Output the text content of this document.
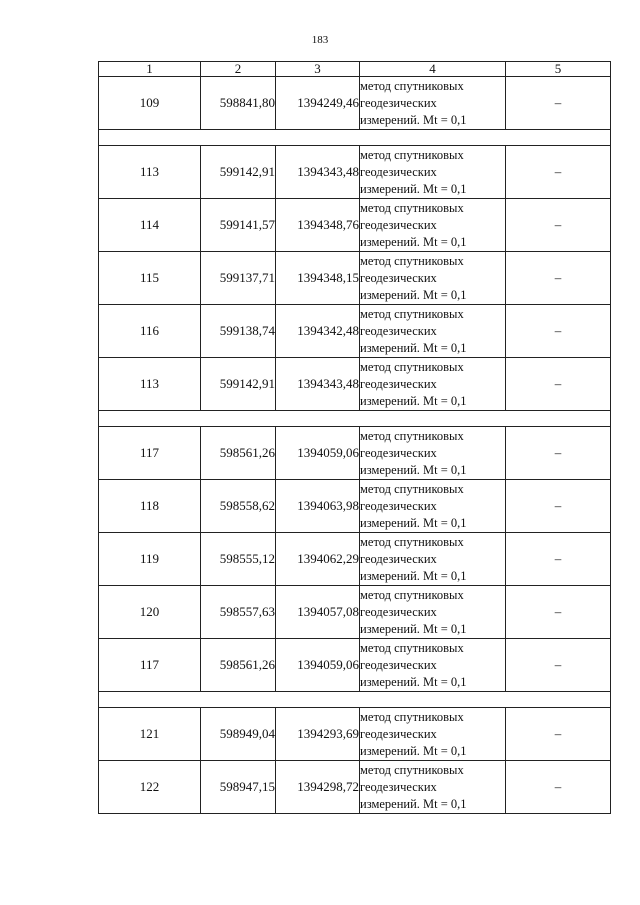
183
1	2	3	4	5
109	598841,80	1394249,46	метод спутниковых
геодезических
измерений. Mt = 0,1	–

113	599142,91	1394343,48	метод спутниковых
геодезических
измерений. Mt = 0,1	–
114	599141,57	1394348,76	метод спутниковых
геодезических
измерений. Mt = 0,1	–
115	599137,71	1394348,15	метод спутниковых
геодезических
измерений. Mt = 0,1	–
116	599138,74	1394342,48	метод спутниковых
геодезических
измерений. Mt = 0,1	–
113	599142,91	1394343,48	метод спутниковых
геодезических
измерений. Mt = 0,1	–

117	598561,26	1394059,06	метод спутниковых
геодезических
измерений. Mt = 0,1	–
118	598558,62	1394063,98	метод спутниковых
геодезических
измерений. Mt = 0,1	–
119	598555,12	1394062,29	метод спутниковых
геодезических
измерений. Mt = 0,1	–
120	598557,63	1394057,08	метод спутниковых
геодезических
измерений. Mt = 0,1	–
117	598561,26	1394059,06	метод спутниковых
геодезических
измерений. Mt = 0,1	–

121	598949,04	1394293,69	метод спутниковых
геодезических
измерений. Mt = 0,1	–
122	598947,15	1394298,72	метод спутниковых
геодезических
измерений. Mt = 0,1	–
